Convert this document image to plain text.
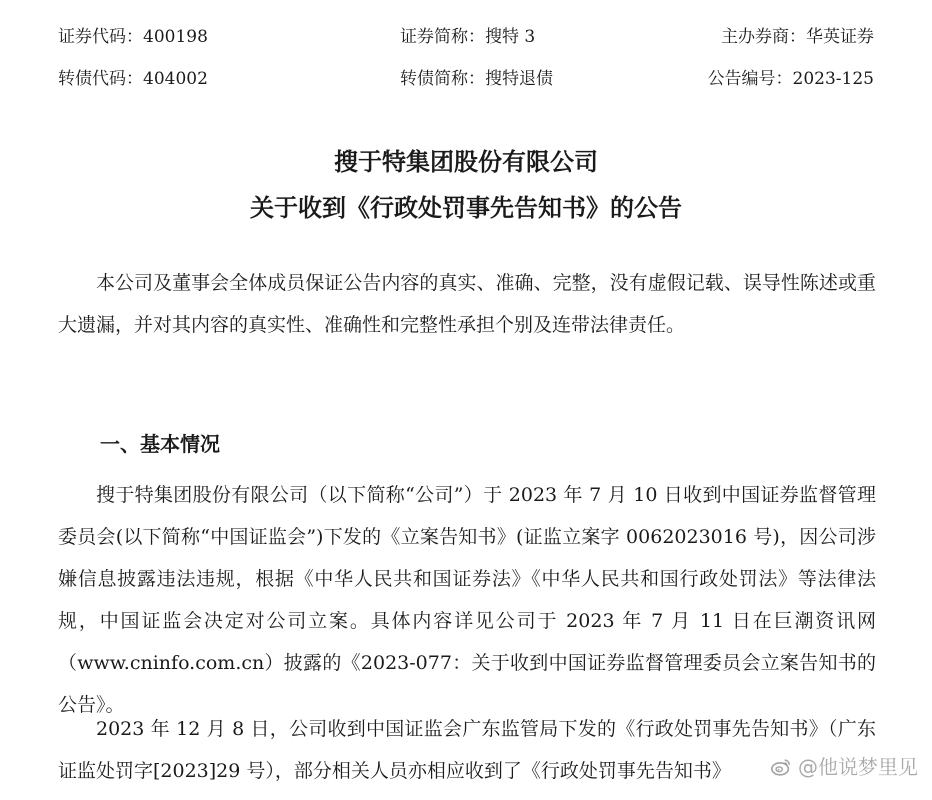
证券代码：400198	证券简称：搜特 3	主办券商：华英证券
转债代码：404002	转债简称：搜特退债	公告编号：2023-125
搜于特集团股份有限公司
关于收到《行政处罚事先告知书》的公告

本公司及董事会全体成员保证公告内容的真实、准确、完整，没有虚假记载、误导性陈述或重大遗漏，并对其内容的真实性、准确性和完整性承担个别及连带法律责任。

一、基本情况

搜于特集团股份有限公司（以下简称“公司”）于 2023 年 7 月 10 日收到中国证券监督管理委员会(以下简称“中国证监会”)下发的《立案告知书》(证监立案字 0062023016 号)，因公司涉嫌信息披露违法违规，根据《中华人民共和国证券法》《中华人民共和国行政处罚法》等法律法规，中国证监会决定对公司立案。具体内容详见公司于 2023 年 7 月 11 日在巨潮资讯网（www.cninfo.com.cn）披露的《2023-077：关于收到中国证券监督管理委员会立案告知书的公告》。

2023 年 12 月 8 日，公司收到中国证监会广东监管局下发的《行政处罚事先告知书》（广东证监处罚字[2023]29 号），部分相关人员亦相应收到了《行政处罚事先告知书》	@他说梦里见
